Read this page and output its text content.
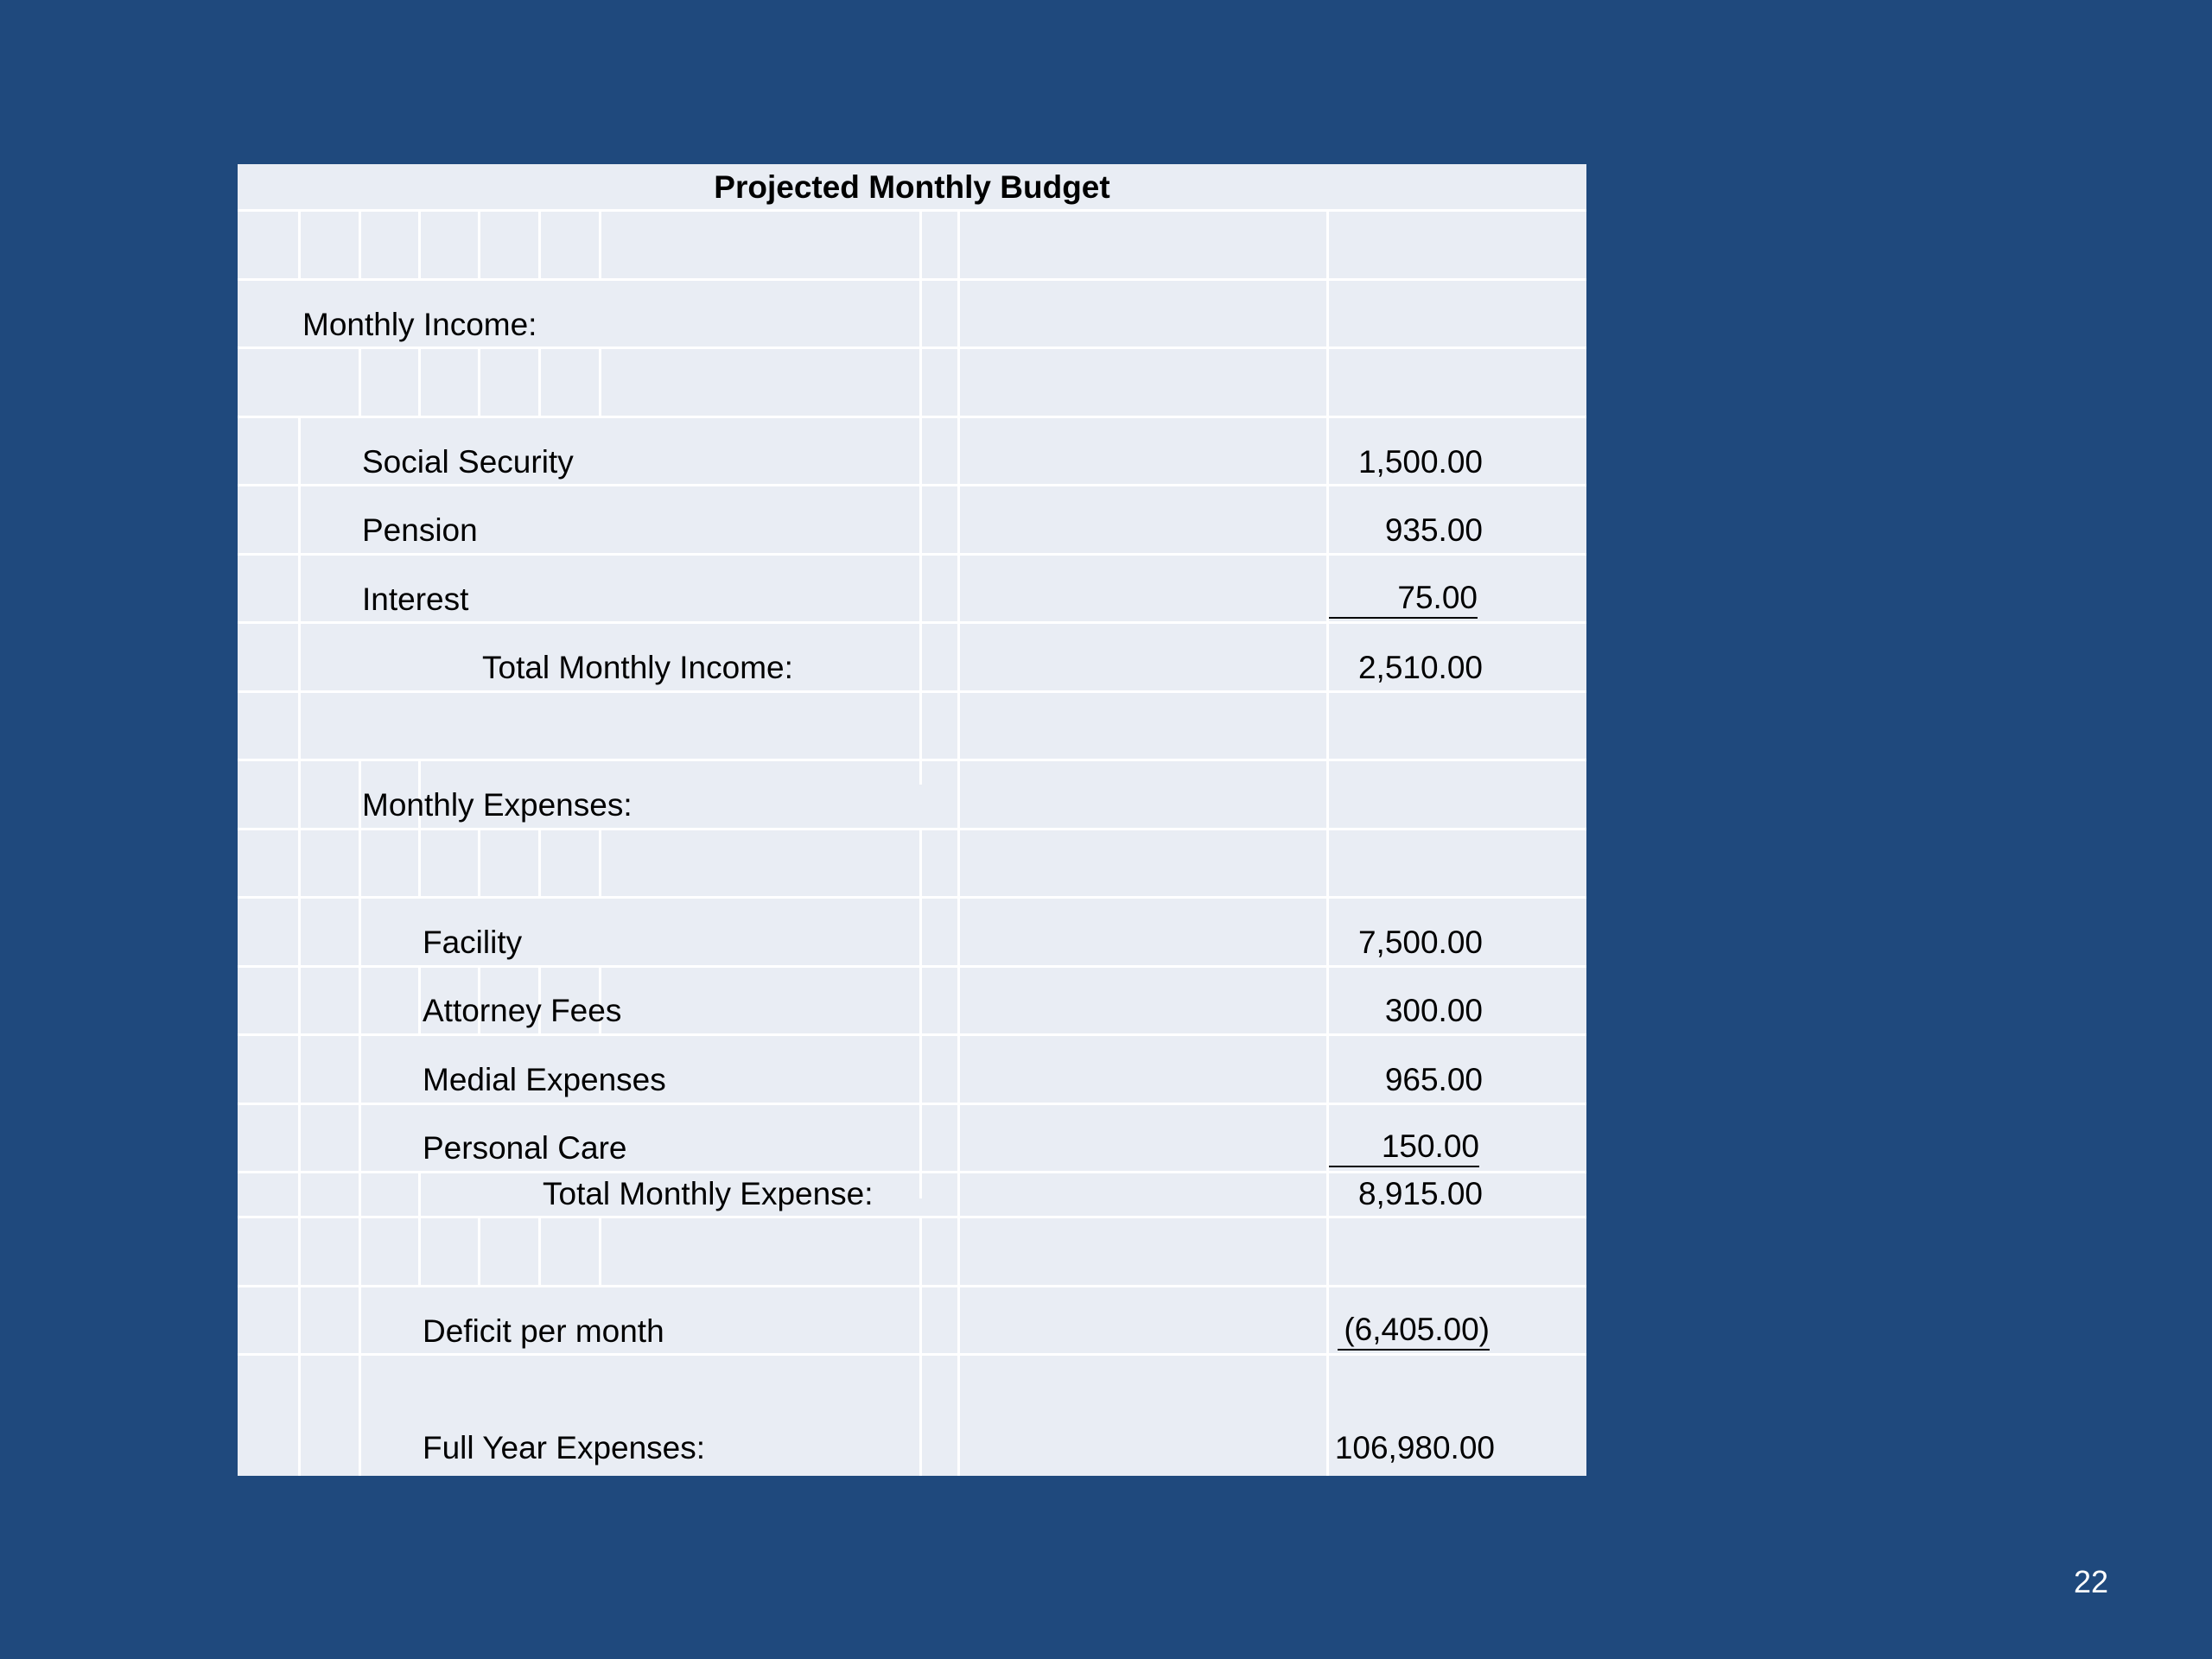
Projected Monthly Budget
Monthly Income:
Social Security	1,500.00
Pension	935.00
Interest	75.00
Total Monthly Income:	2,510.00
Monthly Expenses:
Facility	7,500.00
Attorney Fees	300.00
Medial Expenses	965.00
Personal Care	150.00
Total Monthly Expense:	8,915.00
Deficit per month	(6,405.00)
Full Year Expenses:	106,980.00
22
